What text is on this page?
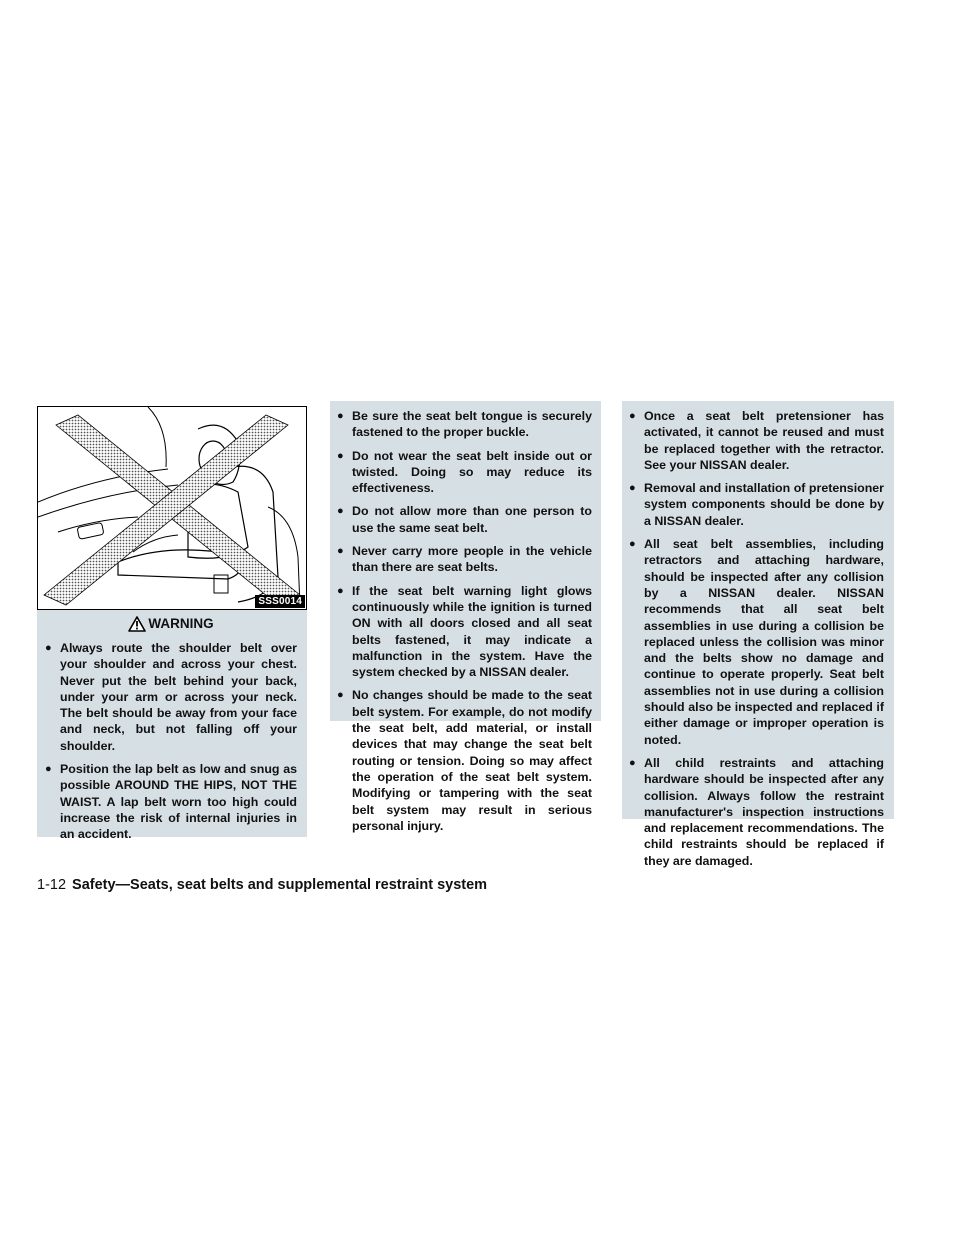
SSS0014
WARNING
● Always route the shoulder belt over your shoulder and across your chest. Never put the belt behind your back, under your arm or across your neck. The belt should be away from your face and neck, but not falling off your shoulder.
● Position the lap belt as low and snug as possible AROUND THE HIPS, NOT THE WAIST. A lap belt worn too high could increase the risk of internal injuries in an accident.
● Be sure the seat belt tongue is securely fastened to the proper buckle.
● Do not wear the seat belt inside out or twisted. Doing so may reduce its effectiveness.
● Do not allow more than one person to use the same seat belt.
● Never carry more people in the vehicle than there are seat belts.
● If the seat belt warning light glows continuously while the ignition is turned ON with all doors closed and all seat belts fastened, it may indicate a malfunction in the system. Have the system checked by a NISSAN dealer.
● No changes should be made to the seat belt system. For example, do not modify the seat belt, add material, or install devices that may change the seat belt routing or tension. Doing so may affect the operation of the seat belt system. Modifying or tampering with the seat belt system may result in serious personal injury.
● Once a seat belt pretensioner has activated, it cannot be reused and must be replaced together with the retractor. See your NISSAN dealer.
● Removal and installation of pretensioner system components should be done by a NISSAN dealer.
● All seat belt assemblies, including retractors and attaching hardware, should be inspected after any collision by a NISSAN dealer. NISSAN recommends that all seat belt assemblies in use during a collision be replaced unless the collision was minor and the belts show no damage and continue to operate properly. Seat belt assemblies not in use during a collision should also be inspected and replaced if either damage or improper operation is noted.
● All child restraints and attaching hardware should be inspected after any collision. Always follow the restraint manufacturer's inspection instructions and replacement recommendations. The child restraints should be replaced if they are damaged.
1-12 Safety—Seats, seat belts and supplemental restraint system
